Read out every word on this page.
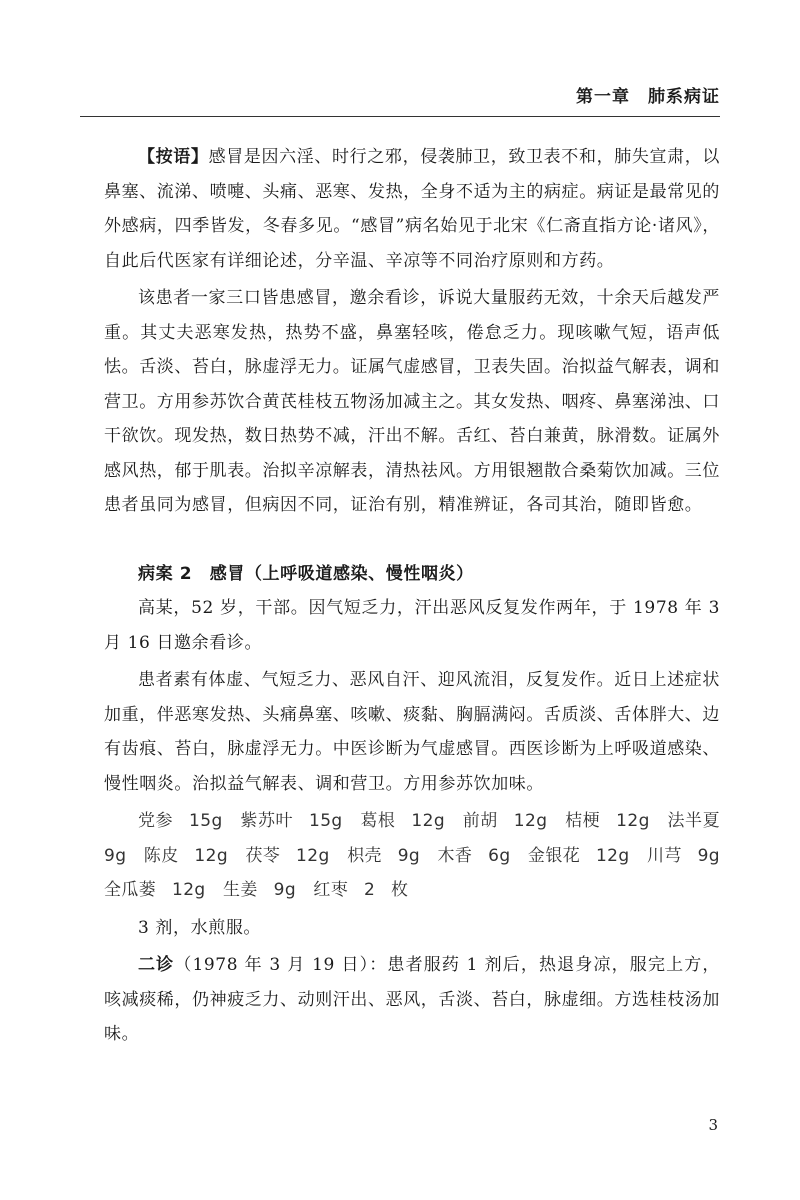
第一章　肺系病证

【按语】感冒是因六淫、时行之邪，侵袭肺卫，致卫表不和，肺失宣肃，以鼻塞、流涕、喷嚏、头痛、恶寒、发热，全身不适为主的病症。病证是最常见的外感病，四季皆发，冬春多见。“感冒”病名始见于北宋《仁斋直指方论·诸风》，自此后代医家有详细论述，分辛温、辛凉等不同治疗原则和方药。

该患者一家三口皆患感冒，邀余看诊，诉说大量服药无效，十余天后越发严重。其丈夫恶寒发热，热势不盛，鼻塞轻咳，倦怠乏力。现咳嗽气短，语声低怯。舌淡、苔白，脉虚浮无力。证属气虚感冒，卫表失固。治拟益气解表，调和营卫。方用参苏饮合黄芪桂枝五物汤加减主之。其女发热、咽疼、鼻塞涕浊、口干欲饮。现发热，数日热势不减，汗出不解。舌红、苔白兼黄，脉滑数。证属外感风热，郁于肌表。治拟辛凉解表，清热祛风。方用银翘散合桑菊饮加减。三位患者虽同为感冒，但病因不同，证治有别，精准辨证，各司其治，随即皆愈。

病案 2　感冒（上呼吸道感染、慢性咽炎）

高某，52 岁，干部。因气短乏力，汗出恶风反复发作两年，于 1978 年 3 月 16 日邀余看诊。

患者素有体虚、气短乏力、恶风自汗、迎风流泪，反复发作。近日上述症状加重，伴恶寒发热、头痛鼻塞、咳嗽、痰黏、胸膈满闷。舌质淡、舌体胖大、边有齿痕、苔白，脉虚浮无力。中医诊断为气虚感冒。西医诊断为上呼吸道感染、慢性咽炎。治拟益气解表、调和营卫。方用参苏饮加味。

党参 15g　紫苏叶 15g　葛根 12g　前胡 12g　桔梗 12g　法半夏 9g　陈皮 12g　茯苓 12g　枳壳 9g　木香 6g　金银花 12g　川芎 9g　全瓜蒌 12g　生姜 9g　红枣 2 枚

3 剂，水煎服。

二诊（1978 年 3 月 19 日）：患者服药 1 剂后，热退身凉，服完上方，咳减痰稀，仍神疲乏力、动则汗出、恶风，舌淡、苔白，脉虚细。方选桂枝汤加味。

3
